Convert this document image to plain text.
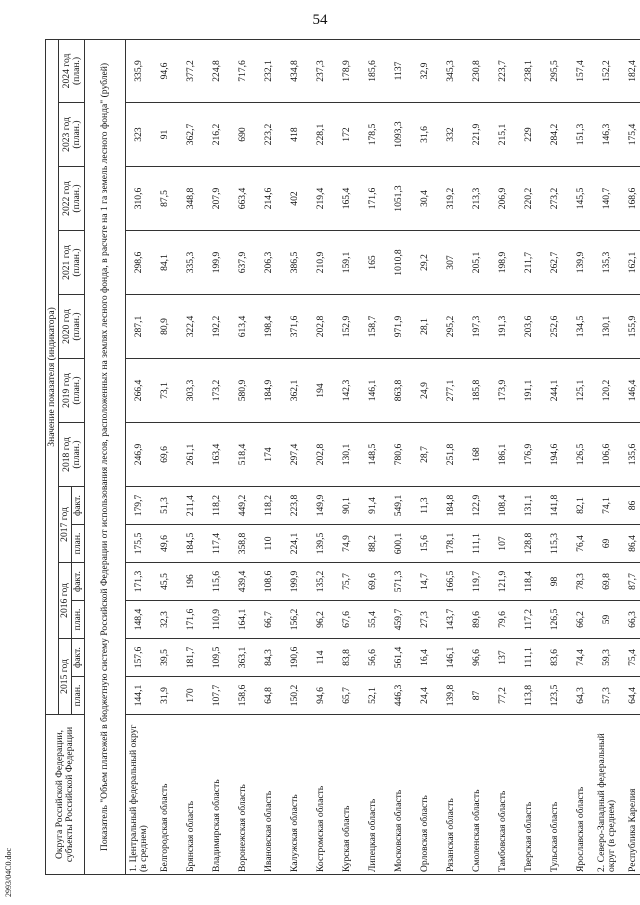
54
2993/04С0.doc
Округа Российской Федерации, субъекты Российской Федерации	Значение показателя (индикатора)												
	2015 год		2016 год		2017 год		2018 год (план.)	2019 год (план.)	2020 год (план.)	2021 год (план.)	2022 год (план.)	2023 год (план.)	2024 год (план.)
	план.	факт.	план.	факт.	план.	факт.							
Показатель "Объем платежей в бюджетную систему Российской Федерации от использования лесов, расположенных на землях лесного фонда, в расчете на 1 га земель лесного фонда" (рублей)													
1. Центральный федеральный округ (в среднем)	144,1	157,6	148,4	171,3	175,5	179,7	246,9	266,4	287,1	298,6	310,6	323	335,9
Белгородская область	31,9	39,5	32,3	45,5	49,6	51,3	69,6	73,1	80,9	84,1	87,5	91	94,6
Брянская область	170	181,7	171,6	196	184,5	211,4	261,1	303,3	322,4	335,3	348,8	362,7	377,2
Владимирская область	107,7	109,5	110,9	115,6	117,4	118,2	163,4	173,2	192,2	199,9	207,9	216,2	224,8
Воронежская область	158,6	363,1	164,1	439,4	358,8	449,2	518,4	580,9	613,4	637,9	663,4	690	717,6
Ивановская область	64,8	84,3	66,7	108,6	110	118,2	174	184,9	198,4	206,3	214,6	223,2	232,1
Калужская область	150,2	190,6	156,2	199,9	224,1	223,8	297,4	362,1	371,6	386,5	402	418	434,8
Костромская область	94,6	114	96,2	135,2	139,5	149,9	202,8	194	202,8	210,9	219,4	228,1	237,3
Курская область	65,7	83,8	67,6	75,7	74,9	90,1	130,1	142,3	152,9	159,1	165,4	172	178,9
Липецкая область	52,1	56,6	55,4	69,6	88,2	91,4	148,5	146,1	158,7	165	171,6	178,5	185,6
Московская область	446,3	561,4	459,7	571,3	600,1	549,1	780,6	863,8	971,9	1010,8	1051,3	1093,3	1137
Орловская область	24,4	16,4	27,3	14,7	15,6	11,3	28,7	24,9	28,1	29,2	30,4	31,6	32,9
Рязанская область	139,8	146,1	143,7	166,5	178,1	184,8	251,8	277,1	295,2	307	319,2	332	345,3
Смоленская область	87	96,6	89,6	119,7	111,1	122,9	168	185,8	197,3	205,1	213,3	221,9	230,8
Тамбовская область	77,2	137	79,6	121,9	107	108,4	186,1	173,9	191,3	198,9	206,9	215,1	223,7
Тверская область	113,8	111,1	117,2	118,4	128,8	131,1	176,9	191,1	203,6	211,7	220,2	229	238,1
Тульская область	123,5	83,6	126,5	98	115,3	141,8	194,6	244,1	252,6	262,7	273,2	284,2	295,5
Ярославская область	64,3	74,4	66,2	78,3	76,4	82,1	126,5	125,1	134,5	139,9	145,5	151,3	157,4
2. Северо-Западный федеральный округ (в среднем)	57,3	59,3	59	69,8	69	74,1	106,6	120,2	130,1	135,3	140,7	146,3	152,2
Республика Карелия	64,4	75,4	66,3	87,7	86,4	86	135,6	146,4	155,9	162,1	168,6	175,4	182,4
